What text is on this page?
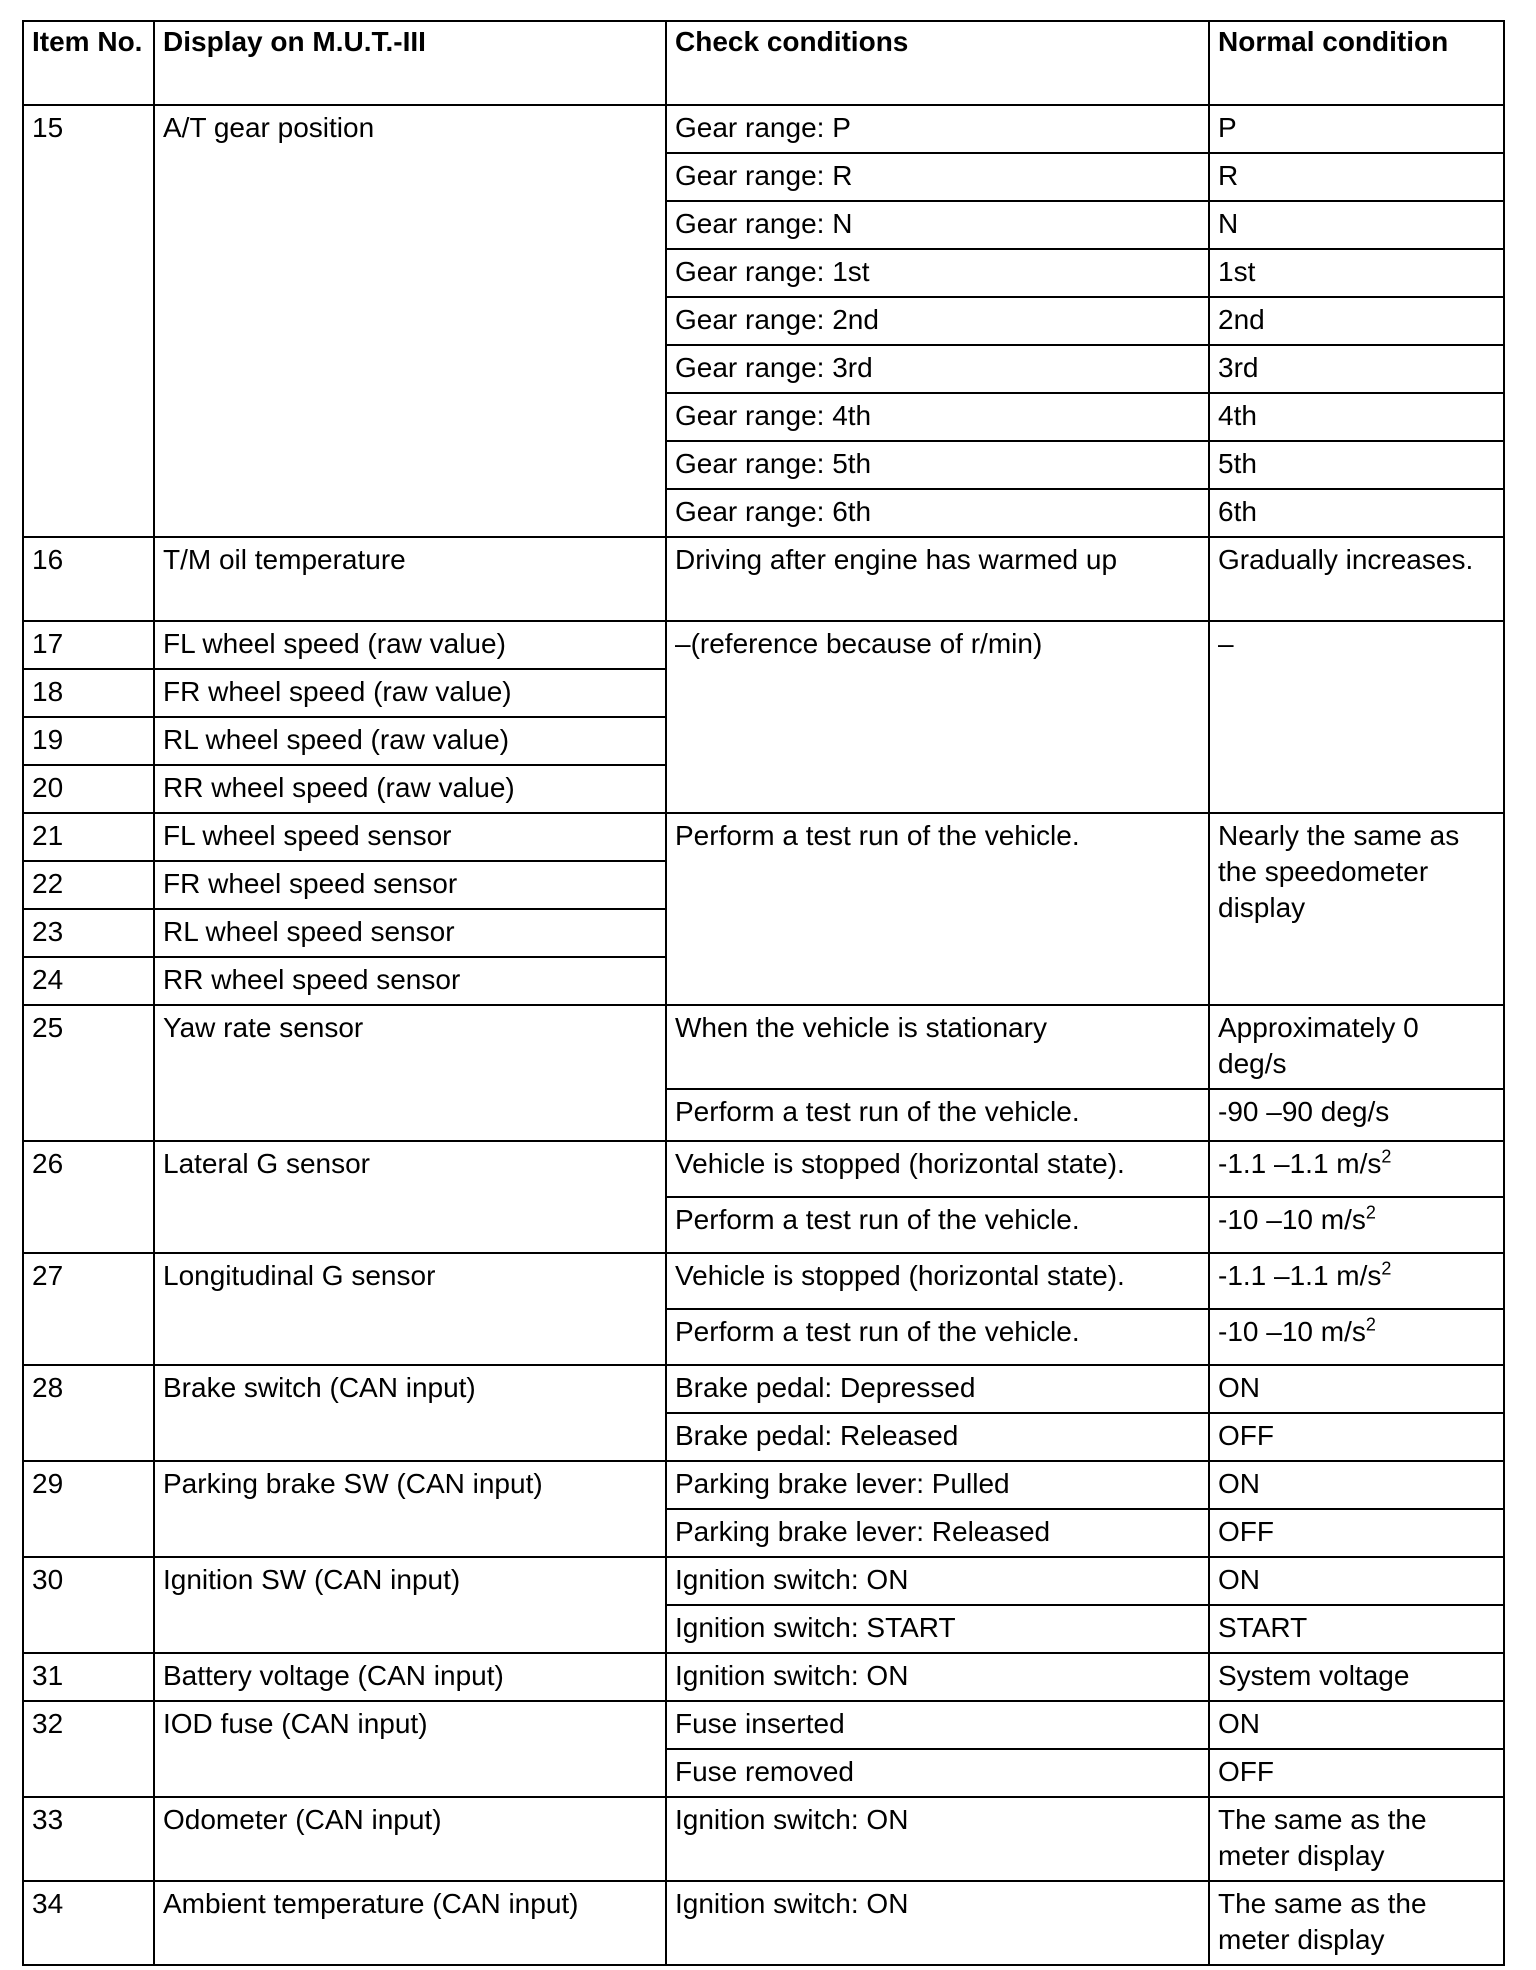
Item No.	Display on M.U.T.-III	Check conditions	Normal condition
15	A/T gear position	Gear range: P	P
		Gear range: R	R
		Gear range: N	N
		Gear range: 1st	1st
		Gear range: 2nd	2nd
		Gear range: 3rd	3rd
		Gear range: 4th	4th
		Gear range: 5th	5th
		Gear range: 6th	6th
16	T/M oil temperature	Driving after engine has warmed up	Gradually increases.
17	FL wheel speed (raw value)	–(reference because of r/min)	–
18	FR wheel speed (raw value)		
19	RL wheel speed (raw value)		
20	RR wheel speed (raw value)		
21	FL wheel speed sensor	Perform a test run of the vehicle.	Nearly the same as the speedometer display
22	FR wheel speed sensor		
23	RL wheel speed sensor		
24	RR wheel speed sensor		
25	Yaw rate sensor	When the vehicle is stationary	Approximately 0 deg/s
		Perform a test run of the vehicle.	-90 –90 deg/s
26	Lateral G sensor	Vehicle is stopped (horizontal state).	-1.1 –1.1 $m/s^2$
		Perform a test run of the vehicle.	-10 –10 $m/s^2$
27	Longitudinal G sensor	Vehicle is stopped (horizontal state).	-1.1 –1.1 $m/s^2$
		Perform a test run of the vehicle.	-10 –10 $m/s^2$
28	Brake switch (CAN input)	Brake pedal: Depressed	ON
		Brake pedal: Released	OFF
29	Parking brake SW (CAN input)	Parking brake lever: Pulled	ON
		Parking brake lever: Released	OFF
30	Ignition SW (CAN input)	Ignition switch: ON	ON
		Ignition switch: START	START
31	Battery voltage (CAN input)	Ignition switch: ON	System voltage
32	IOD fuse (CAN input)	Fuse inserted	ON
		Fuse removed	OFF
33	Odometer (CAN input)	Ignition switch: ON	The same as the meter display
34	Ambient temperature (CAN input)	Ignition switch: ON	The same as the meter display
